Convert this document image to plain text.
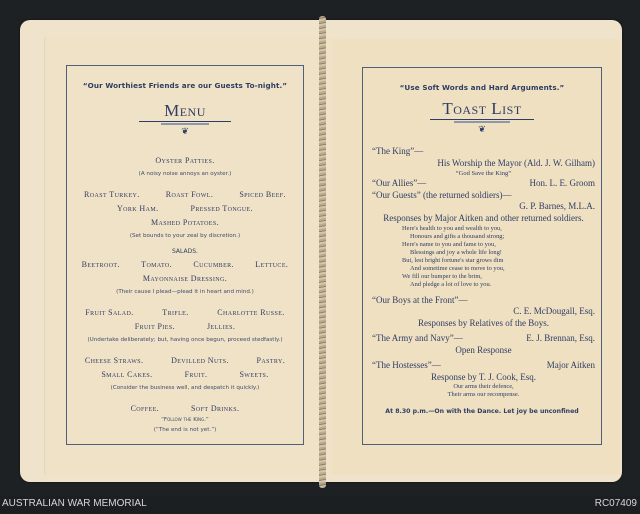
“Our Worthiest Friends are our Guests To-night.”
Menu
❦
Oyster Patties.
(A noisy noise annoys an oyster.)
Roast Turkey.	Roast Fowl.	Spiced Beef.
York Ham.	Pressed Tongue.
Mashed Potatoes.
(Set bounds to your zeal by discretion.)
SALADS.
Beetroot.	Tomato.	Cucumber.	Lettuce.
Mayonnaise Dressing.
(Their cause I plead—plead it in heart and mind.)
Fruit Salad.	Trifle.	Charlotte Russe.
Fruit Pies.	Jellies.
(Undertake deliberately; but, having once begun, proceed stedfastly.)
Cheese Straws.	Devilled Nuts.	Pastry.
Small Cakes.	Fruit.	Sweets.
(Consider the business well, and despatch it quickly.)
Coffee.	Soft Drinks.
“Follow the King.”
(“The end is not yet.”)
“Use Soft Words and Hard Arguments.”
Toast List
❦
“The King”—
His Worship the Mayor (Ald. J. W. Gilham)
“God Save the King”
“Our Allies”—	Hon. L. E. Groom
“Our Guests” (the returned soldiers)—
G. P. Barnes, M.L.A.
Responses by Major Aitken and other returned soldiers.
Here's health to you and wealth to you,
Honours and gifts a thousand strong;
Here's name to you and fame to you,
Blessings and joy a whole life long!
But, lest bright fortune's star grows dim
And sometime cease to move to you,
We fill our bumper to the brim,
And pledge a lot of love to you.
“Our Boys at the Front”—
C. E. McDougall, Esq.
Responses by Relatives of the Boys.
“The Army and Navy”—	E. J. Brennan, Esq.
Open Response
“The Hostesses”—	Major Aitken
Response by T. J. Cook, Esq.
Our arms their defence,
Their arms our recompense.
At 8.30 p.m.—On with the Dance. Let joy be unconfined
AUSTRALIAN WAR MEMORIAL	RC07409
